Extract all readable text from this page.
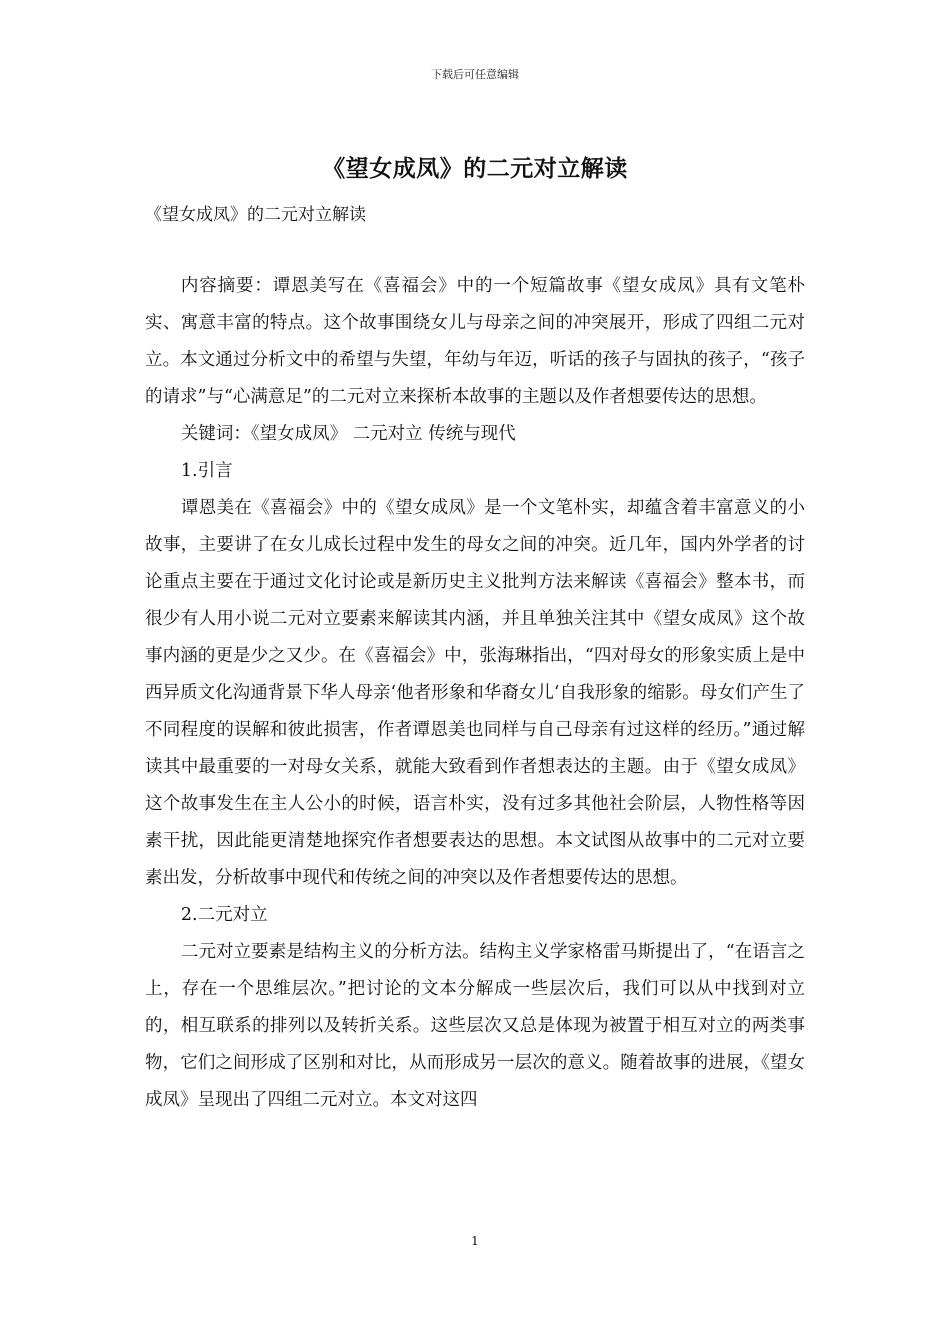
下载后可任意编辑
《望女成凤》的二元对立解读
《望女成凤》的二元对立解读

内容摘要：谭恩美写在《喜福会》中的一个短篇故事《望女成凤》具有文笔朴实、寓意丰富的特点。这个故事围绕女儿与母亲之间的冲突展开，形成了四组二元对立。本文通过分析文中的希望与失望，年幼与年迈，听话的孩子与固执的孩子，“孩子的请求”与“心满意足”的二元对立来探析本故事的主题以及作者想要传达的思想。

关键词：《望女成凤》 二元对立 传统与现代

1.引言

谭恩美在《喜福会》中的《望女成凤》是一个文笔朴实，却蕴含着丰富意义的小故事，主要讲了在女儿成长过程中发生的母女之间的冲突。近几年，国内外学者的讨论重点主要在于通过文化讨论或是新历史主义批判方法来解读《喜福会》整本书，而很少有人用小说二元对立要素来解读其内涵，并且单独关注其中《望女成凤》这个故事内涵的更是少之又少。在《喜福会》中，张海琳指出，“四对母女的形象实质上是中西异质文化沟通背景下华人母亲‘他者形象和华裔女儿‘自我形象的缩影。母女们产生了不同程度的误解和彼此损害，作者谭恩美也同样与自己母亲有过这样的经历。”通过解读其中最重要的一对母女关系，就能大致看到作者想表达的主题。由于《望女成凤》这个故事发生在主人公小的时候，语言朴实，没有过多其他社会阶层，人物性格等因素干扰，因此能更清楚地探究作者想要表达的思想。本文试图从故事中的二元对立要素出发，分析故事中现代和传统之间的冲突以及作者想要传达的思想。

2.二元对立

二元对立要素是结构主义的分析方法。结构主义学家格雷马斯提出了，“在语言之上，存在一个思维层次。”把讨论的文本分解成一些层次后，我们可以从中找到对立的，相互联系的排列以及转折关系。这些层次又总是体现为被置于相互对立的两类事物，它们之间形成了区别和对比，从而形成另一层次的意义。随着故事的进展，《望女成凤》呈现出了四组二元对立。本文对这四

1
